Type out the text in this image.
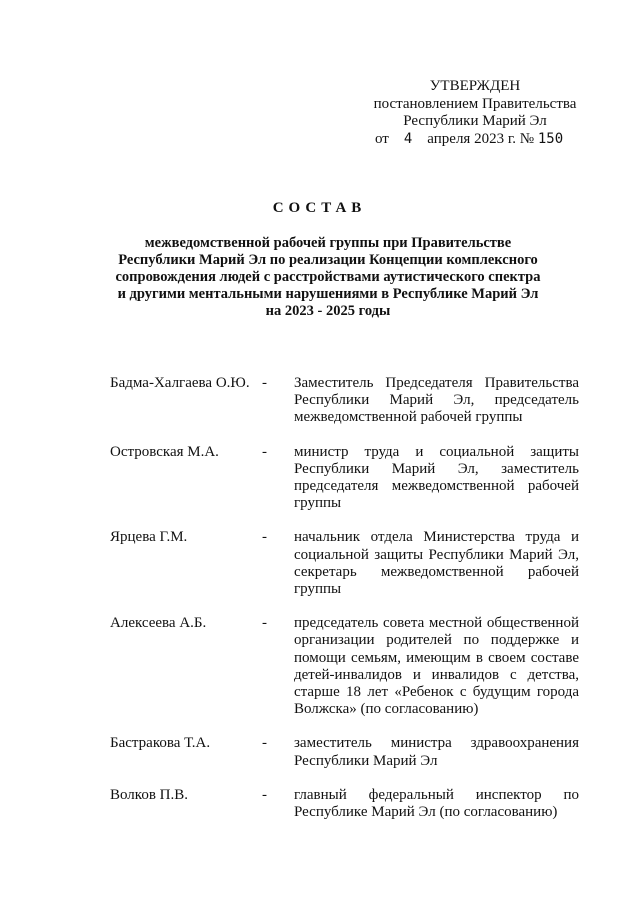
УТВЕРЖДЕН
постановлением Правительства
Республики Марий Эл
от 4 апреля 2023 г. № 150
СОСТАВ
межведомственной рабочей группы при Правительстве Республики Марий Эл по реализации Концепции комплексного сопровождения людей с расстройствами аутистического спектра и другими ментальными нарушениями в Республике Марий Эл на 2023 - 2025 годы
Бадма-Халгаева О.Ю. -	Заместитель Председателя Правительства Республики Марий Эл, председатель межведомственной рабочей группы
Островская М.А.	-	министр труда и социальной защиты Республики Марий Эл, заместитель председателя межведомственной рабочей группы
Ярцева Г.М.	-	начальник отдела Министерства труда и социальной защиты Республики Марий Эл, секретарь межведомственной рабочей группы
Алексеева А.Б.	-	председатель совета местной общественной организации родителей по поддержке и помощи семьям, имеющим в своем составе детей-инвалидов и инвалидов с детства, старше 18 лет «Ребенок с будущим города Волжска» (по согласованию)
Бастракова Т.А.	-	заместитель министра здравоохранения Республики Марий Эл
Волков П.В.	-	главный федеральный инспектор по Республике Марий Эл (по согласованию)
